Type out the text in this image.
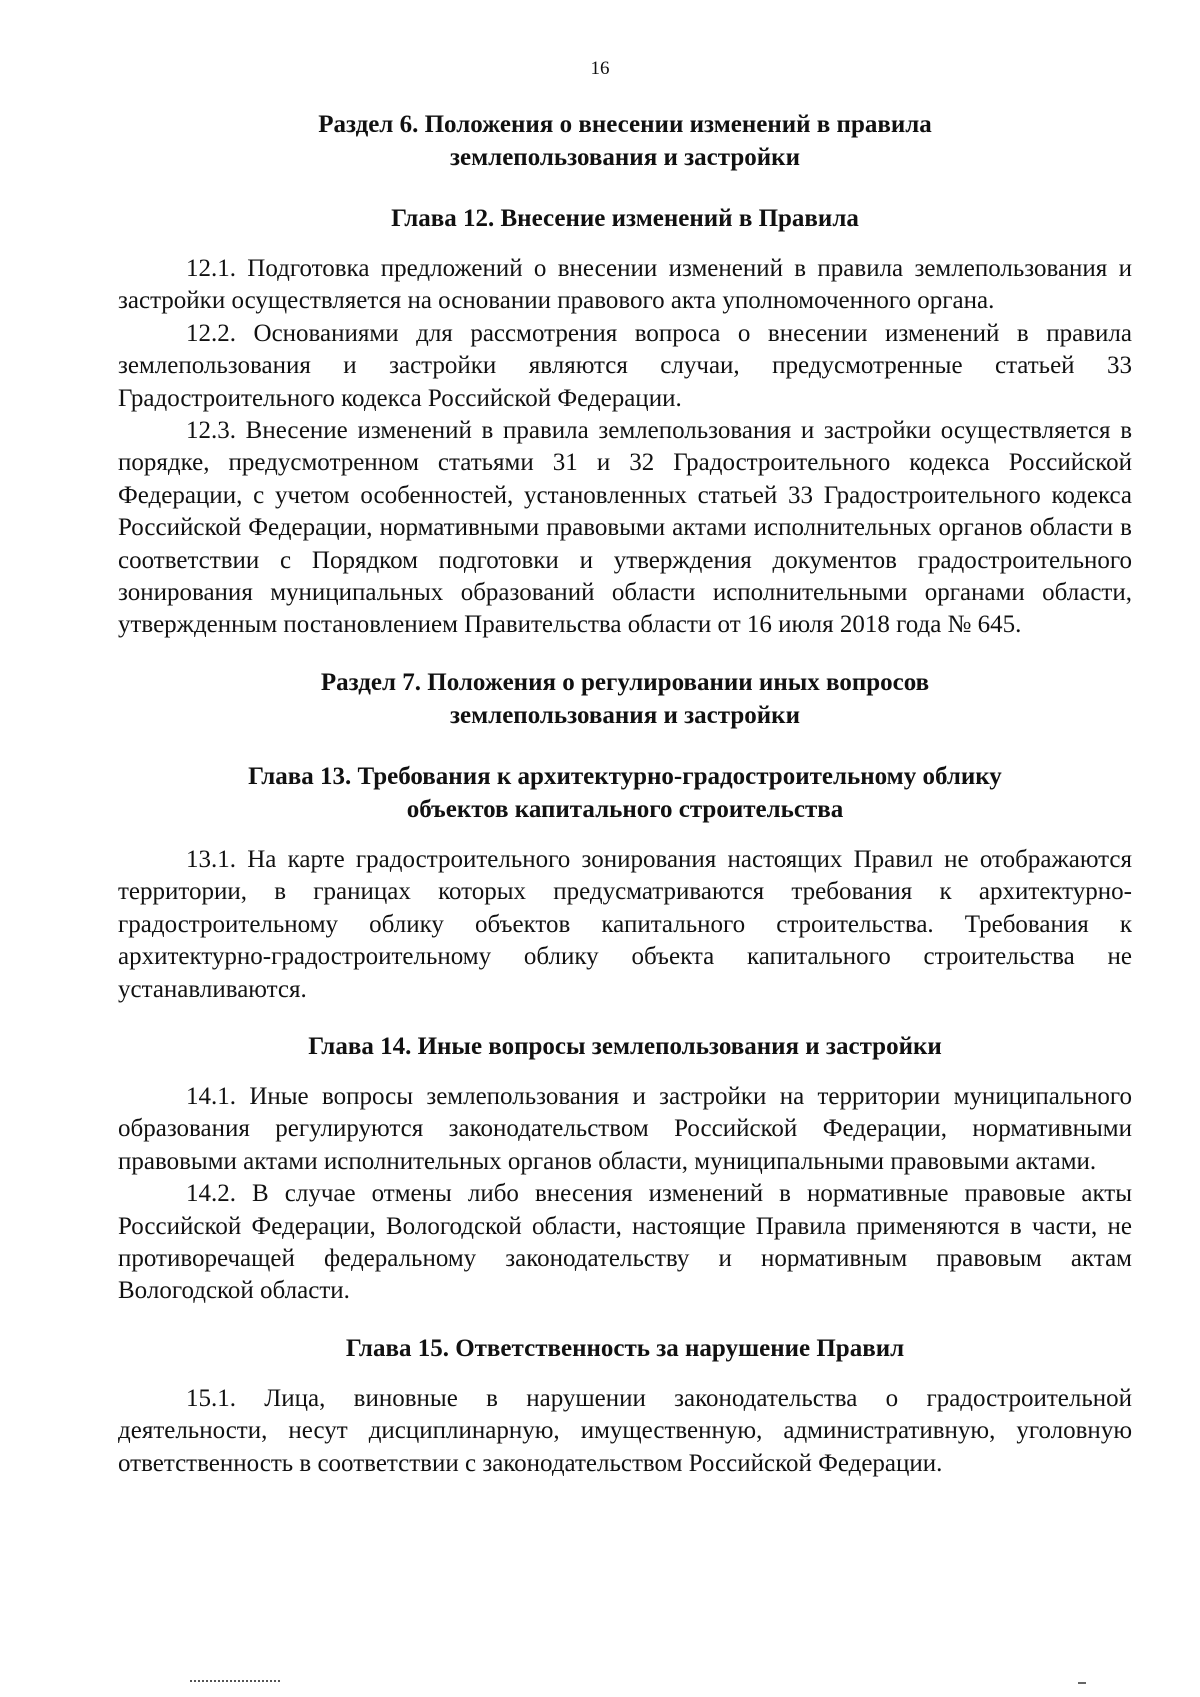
16
Раздел 6. Положения о внесении изменений в правила
землепользования и застройки
Глава 12. Внесение изменений в Правила

12.1. Подготовка предложений о внесении изменений в правила землепользования и застройки осуществляется на основании правового акта уполномоченного органа.

12.2. Основаниями для рассмотрения вопроса о внесении изменений в правила землепользования и застройки являются случаи, предусмотренные статьей 33 Градостроительного кодекса Российской Федерации.

12.3. Внесение изменений в правила землепользования и застройки осуществляется в порядке, предусмотренном статьями 31 и 32 Градостроительного кодекса Российской Федерации, с учетом особенностей, установленных статьей 33 Градостроительного кодекса Российской Федерации, нормативными правовыми актами исполнительных органов области в соответствии с Порядком подготовки и утверждения документов градостроительного зонирования муниципальных образований области исполнительными органами области, утвержденным постановлением Правительства области от 16 июля 2018 года № 645.

Раздел 7. Положения о регулировании иных вопросов
землепользования и застройки
Глава 13. Требования к архитектурно-градостроительному облику
объектов капитального строительства

13.1. На карте градостроительного зонирования настоящих Правил не отображаются территории, в границах которых предусматриваются требования к архитектурно-градостроительному облику объектов капитального строительства. Требования к архитектурно-градостроительному облику объекта капитального строительства не устанавливаются.

Глава 14. Иные вопросы землепользования и застройки

14.1. Иные вопросы землепользования и застройки на территории муниципального образования регулируются законодательством Российской Федерации, нормативными правовыми актами исполнительных органов области, муниципальными правовыми актами.

14.2. В случае отмены либо внесения изменений в нормативные правовые акты Российской Федерации, Вологодской области, настоящие Правила применяются в части, не противоречащей федеральному законодательству и нормативным правовым актам Вологодской области.

Глава 15. Ответственность за нарушение Правил

15.1. Лица, виновные в нарушении законодательства о градостроительной деятельности, несут дисциплинарную, имущественную, административную, уголовную ответственность в соответствии с законодательством Российской Федерации.
